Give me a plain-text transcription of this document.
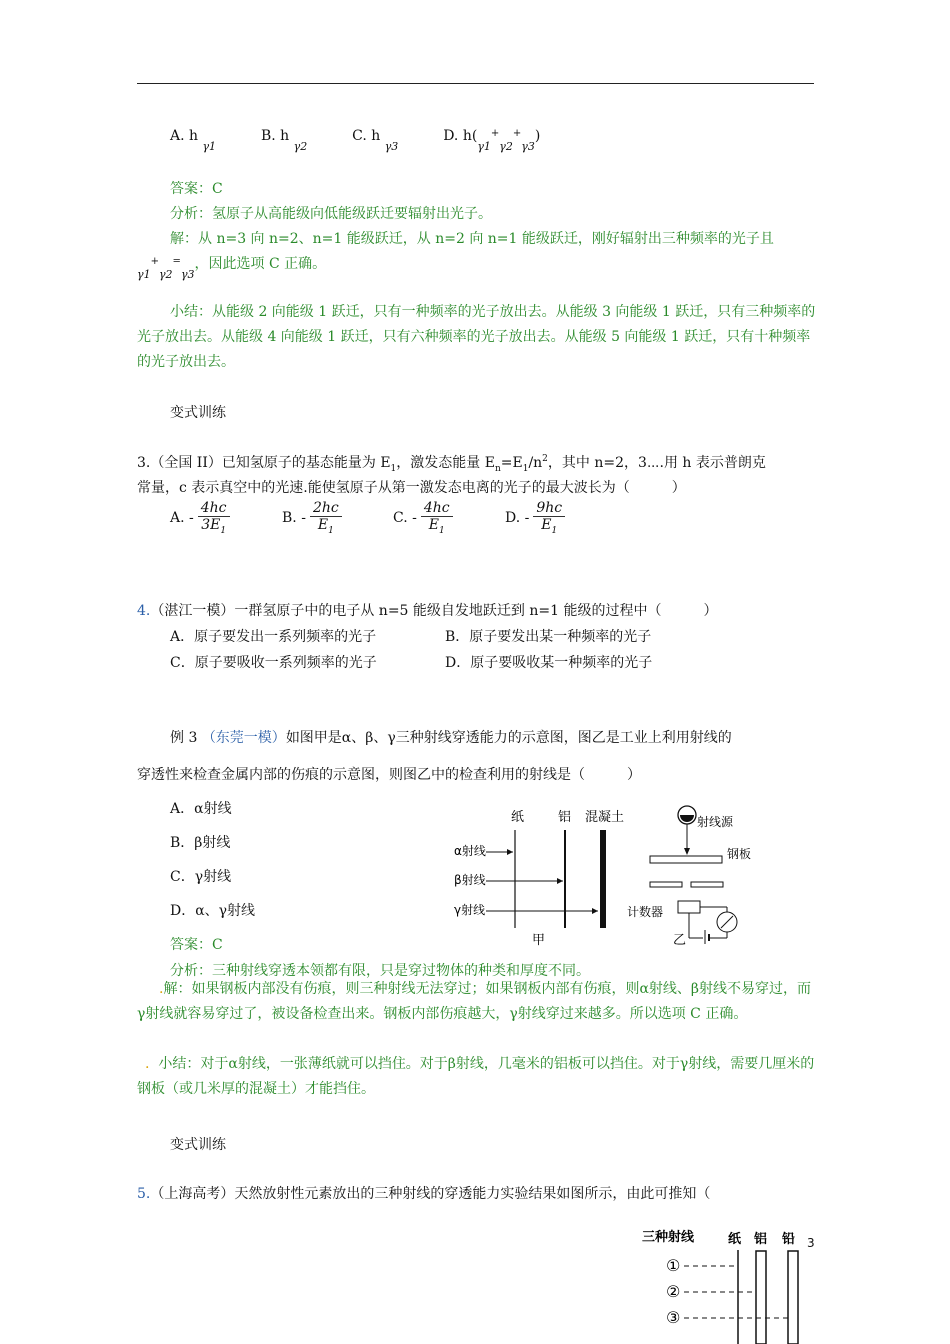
A. h $_{\gamma 1}$  B. h $_{\gamma 2}$  C. h $_{\gamma 3}$  D. $h(_{\gamma 1}^+_{\gamma 2}^+_{\gamma 3})$
答案：C
分析：氢原子从高能级向低能级跃迁要辐射出光子。
解：从 n=3 向 n=2、n=1 能级跃迁，从 n=2 向 n=1 能级跃迁，刚好辐射出三种频率的光子且
$_{\gamma 1}$+$_{\gamma 2}$=$_{\gamma 3}$，因此选项 C 正确。
小结：从能级 2 向能级 1 跃迁，只有一种频率的光子放出去。从能级 3 向能级 1 跃迁，只有三种频率的光子放出去。从能级 4 向能级 1 跃迁，只有六种频率的光子放出去。从能级 5 向能级 1 跃迁，只有十种频率的光子放出去。
变式训练
3.（全国 II）已知氢原子的基态能量为 $E_1$，激发态能量 $E_n=E_1/n^2$，其中 n=2，3⋯.用 h 表示普朗克
常量，c 表示真空中的光速.能使氢原子从第一激发态电离的光子的最大波长为（　　　）
A. - $\frac{4hc}{3E_1}$	B. - $\frac{2hc}{E_1}$	C. - $\frac{4hc}{E_1}$	D. - $\frac{9hc}{E_1}$
4.（湛江一模）一群氢原子中的电子从 n=5 能级自发地跃迁到 n=1 能级的过程中（　　　）
A．原子要发出一系列频率的光子	B．原子要发出某一种频率的光子
C．原子要吸收一系列频率的光子	D．原子要吸收某一种频率的光子
例 3 （东莞一模）如图甲是α、β、γ三种射线穿透能力的示意图，图乙是工业上利用射线的
穿透性来检查金属内部的伤痕的示意图，则图乙中的检查利用的射线是（　　　）
A．α射线
B．β射线
C．γ射线
D．α、γ射线
纸	铝 混凝土
α射线
β射线
γ射线
甲
射线源
钢板
计数器
乙
答案：C
分析：三种射线穿透本领都有限，只是穿过物体的种类和厚度不同。
.解：如果钢板内部没有伤痕，则三种射线无法穿过；如果钢板内部有伤痕，则α射线、β射线不易穿过，而γ射线就容易穿过了，被设备检查出来。钢板内部伤痕越大，γ射线穿过来越多。所以选项 C 正确。
. 小结：对于α射线，一张薄纸就可以挡住。对于β射线，几毫米的铝板可以挡住。对于γ射线，需要几厘米的钢板（或几米厚的混凝土）才能挡住。
变式训练
5.（上海高考）天然放射性元素放出的三种射线的穿透能力实验结果如图所示，由此可推知（
三种射线	纸 铝 铅
①
②
③
3
